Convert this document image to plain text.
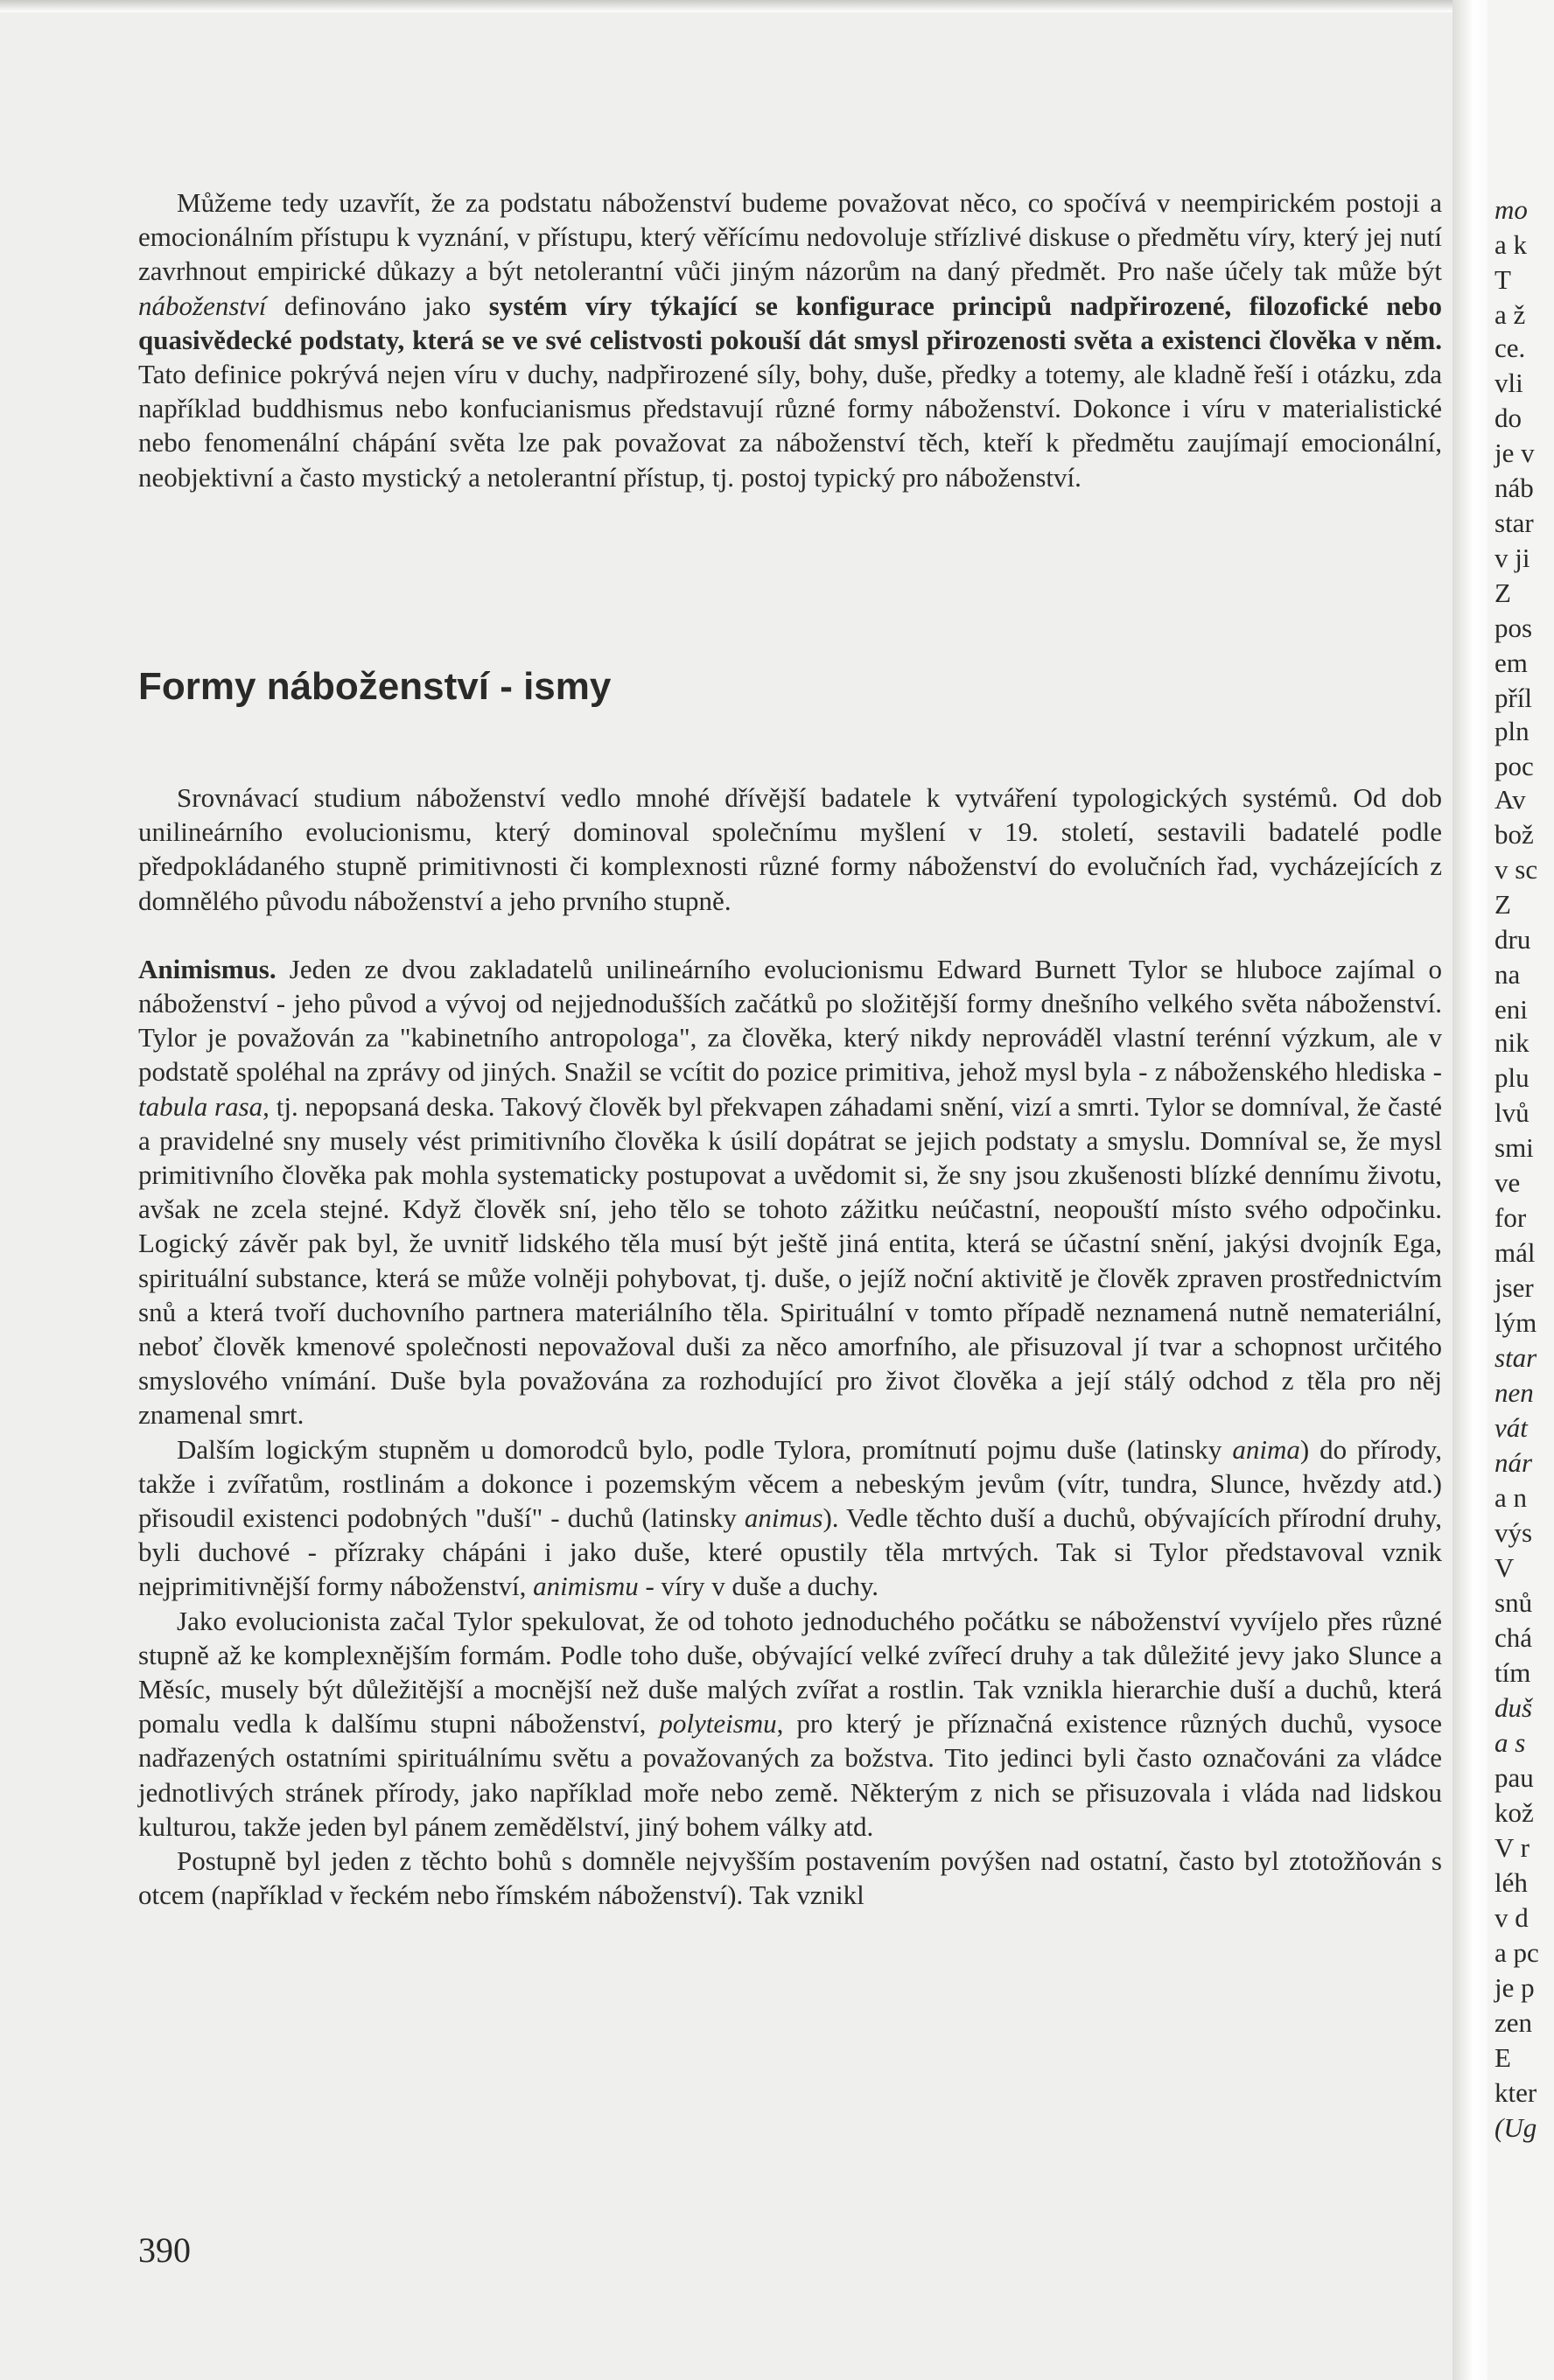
Můžeme tedy uzavřít, že za podstatu náboženství budeme považovat něco, co spočívá v neempirickém postoji a emocionálním přístupu k vyznání, v přístupu, který věřícímu nedovoluje střízlivé diskuse o předmětu víry, který jej nutí zavrhnout empirické důkazy a být netolerantní vůči jiným názorům na daný předmět. Pro naše účely tak může být náboženství definováno jako systém víry týkající se konfigurace principů nadpřirozené, filozofické nebo quasivědecké podstaty, která se ve své celistvosti pokouší dát smysl přirozenosti světa a existenci člověka v něm. Tato definice pokrývá nejen víru v duchy, nadpřirozené síly, bohy, duše, předky a totemy, ale kladně řeší i otázku, zda například buddhismus nebo konfucianismus představují různé formy náboženství. Dokonce i víru v materialistické nebo fenomenální chápání světa lze pak považovat za náboženství těch, kteří k předmětu zaujímají emocionální, neobjektivní a často mystický a netolerantní přístup, tj. postoj typický pro náboženství.

Formy náboženství - ismy

Srovnávací studium náboženství vedlo mnohé dřívější badatele k vytváření typologických systémů. Od dob unilineárního evolucionismu, který dominoval společnímu myšlení v 19. století, sestavili badatelé podle předpokládaného stupně primitivnosti či komplexnosti různé formy náboženství do evolučních řad, vycházejících z domnělého původu náboženství a jeho prvního stupně.

Animismus. Jeden ze dvou zakladatelů unilineárního evolucionismu Edward Burnett Tylor se hluboce zajímal o náboženství - jeho původ a vývoj od nejjednodušších začátků po složitější formy dnešního velkého světa náboženství. Tylor je považován za "kabinetního antropologa", za člověka, který nikdy neprováděl vlastní terénní výzkum, ale v podstatě spoléhal na zprávy od jiných. Snažil se vcítit do pozice primitiva, jehož mysl byla - z náboženského hlediska - tabula rasa, tj. nepopsaná deska. Takový člověk byl překvapen záhadami snění, vizí a smrti. Tylor se domníval, že časté a pravidelné sny musely vést primitivního člověka k úsilí dopátrat se jejich podstaty a smyslu. Domníval se, že mysl primitivního člověka pak mohla systematicky postupovat a uvědomit si, že sny jsou zkušenosti blízké dennímu životu, avšak ne zcela stejné. Když člověk sní, jeho tělo se tohoto zážitku neúčastní, neopouští místo svého odpočinku. Logický závěr pak byl, že uvnitř lidského těla musí být ještě jiná entita, která se účastní snění, jakýsi dvojník Ega, spirituální substance, která se může volněji pohybovat, tj. duše, o jejíž noční aktivitě je člověk zpraven prostřednictvím snů a která tvoří duchovního partnera materiálního těla. Spirituální v tomto případě neznamená nutně nemateriální, neboť člověk kmenové společnosti nepovažoval duši za něco amorfního, ale přisuzoval jí tvar a schopnost určitého smyslového vnímání. Duše byla považována za rozhodující pro život člověka a její stálý odchod z těla pro něj znamenal smrt.

Dalším logickým stupněm u domorodců bylo, podle Tylora, promítnutí pojmu duše (latinsky anima) do přírody, takže i zvířatům, rostlinám a dokonce i pozemským věcem a nebeským jevům (vítr, tundra, Slunce, hvězdy atd.) přisoudil existenci podobných "duší" - duchů (latinsky animus). Vedle těchto duší a duchů, obývajících přírodní druhy, byli duchové - přízraky chápáni i jako duše, které opustily těla mrtvých. Tak si Tylor představoval vznik nejprimitivnější formy náboženství, animismu - víry v duše a duchy.

Jako evolucionista začal Tylor spekulovat, že od tohoto jednoduchého počátku se náboženství vyvíjelo přes různé stupně až ke komplexnějším formám. Podle toho duše, obývající velké zvířecí druhy a tak důležité jevy jako Slunce a Měsíc, musely být důležitější a mocnější než duše malých zvířat a rostlin. Tak vznikla hierarchie duší a duchů, která pomalu vedla k dalšímu stupni náboženství, polyteismu, pro který je příznačná existence různých duchů, vysoce nadřazených ostatními spirituálnímu světu a považovaných za božstva. Tito jedinci byli často označováni za vládce jednotlivých stránek přírody, jako například moře nebo země. Některým z nich se přisuzovala i vláda nad lidskou kulturou, takže jeden byl pánem zemědělství, jiný bohem války atd.

Postupně byl jeden z těchto bohů s domněle nejvyšším postavením povýšen nad ostatní, často byl ztotožňován s otcem (například v řeckém nebo římském náboženství). Tak vznikl

390
mo
a k
T
a ž
ce.
vli
do
je v
náb
star
v ji
Z
pos
em
příl
pln
poc
Av
bož
v sc
Z
dru
na
eni
nik
plu
lvů
smi
ve
for
mál
jser
lým
star
nen
vát
nár
a n
výs
V
snů
chá
tím
duš
a s
pau
kož
V r
léh
v d
a pc
je p
zen
E
kter
(Ug
